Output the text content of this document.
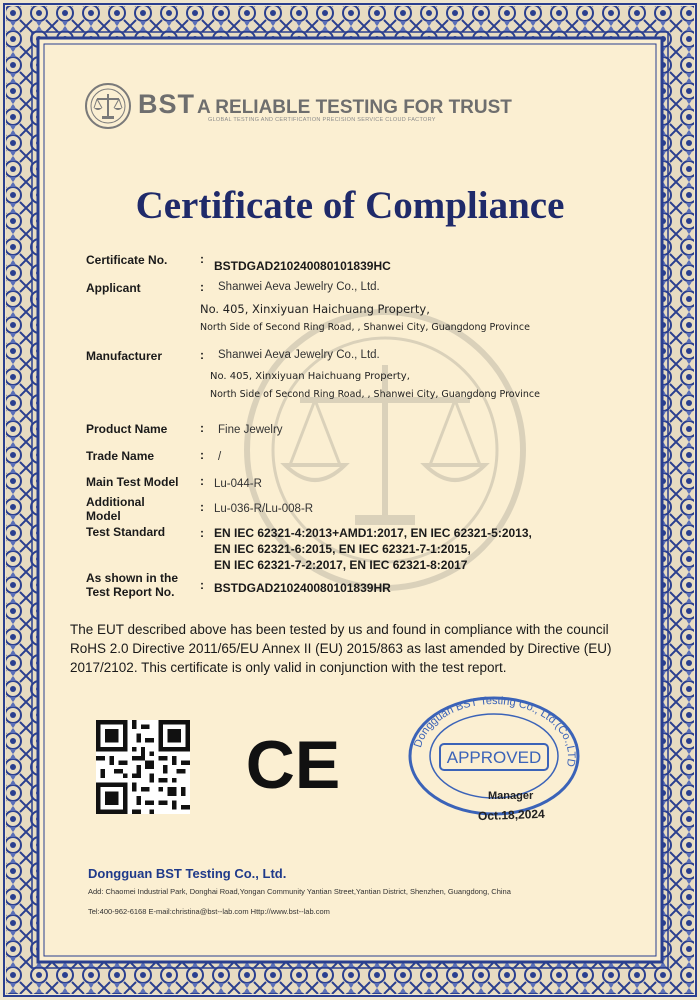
BST A RELIABLE TESTING FOR TRUST
GLOBAL TESTING AND CERTIFICATION PRECISION SERVICE CLOUD FACTORY
Certificate of Compliance
Certificate No.	: BSTDGAD210240080101839HC
Applicant	: Shanwei Aeva Jewelry Co., Ltd.
No. 405, Xinxiyuan Haichuang Property,
North Side of Second Ring Road, , Shanwei City, Guangdong Province
Manufacturer	: Shanwei Aeva Jewelry Co., Ltd.
No. 405, Xinxiyuan Haichuang Property,
North Side of Second Ring Road, , Shanwei City, Guangdong Province
Product Name	: Fine Jewelry
Trade Name	: /
Main Test Model : Lu-044-R
Additional
Model
: Lu-036-R/Lu-008-R
Test Standard	: EN IEC 62321-4:2013+AMD1:2017, EN IEC 62321-5:2013,
EN IEC 62321-6:2015, EN IEC 62321-7-1:2015,
EN IEC 62321-7-2:2017, EN IEC 62321-8:2017
As shown in the
Test Report No. : BSTDGAD210240080101839HR

The EUT described above has been tested by us and found in compliance with the council RoHS 2.0 Directive 2011/65/EU Annex II (EU) 2015/863 as last amended by Directive (EU) 2017/2102. This certificate is only valid in conjunction with the test report.

CE	Dongguan BST Testing Co., Ltd.(Co.,LTD
APPROVED
Manager
Oct.18,2024
Dongguan BST Testing Co., Ltd.
Add: Chaomei Industrial Park, Donghai Road,Yongan Community Yantian Street,Yantian District, Shenzhen, Guangdong, China
Tel:400-962-6168 E-mail:christina@bst--lab.com Http://www.bst--lab.com
